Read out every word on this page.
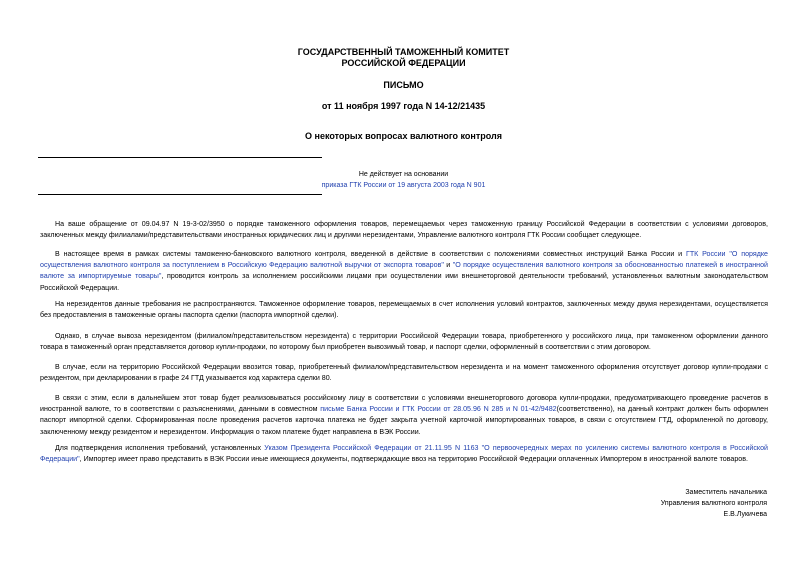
ГОСУДАРСТВЕННЫЙ ТАМОЖЕННЫЙ КОМИТЕТ
РОССИЙСКОЙ ФЕДЕРАЦИИ
ПИСЬМО
от 11 ноября 1997 года N 14-12/21435
О некоторых вопросах валютного контроля
Не действует на основании
приказа ГТК России от 19 августа 2003 года N 901
На ваше обращение от 09.04.97 N 19-3-02/3950 о порядке таможенного оформления товаров, перемещаемых через таможенную границу Российской Федерации в соответствии с условиями договоров, заключенных между филиалами/представительствами иностранных юридических лиц и другими нерезидентами, Управление валютного контроля ГТК России сообщает следующее.
В настоящее время в рамках системы таможенно-банковского валютного контроля, введенной в действие в соответствии с положениями совместных инструкций Банка России и ГТК России "О порядке осуществления валютного контроля за поступлением в Российскую Федерацию валютной выручки от экспорта товаров" и "О порядке осуществления валютного контроля за обоснованностью платежей в иностранной валюте за импортируемые товары", проводится контроль за исполнением российскими лицами при осуществлении ими внешнеторговой деятельности требований, установленных валютным законодательством Российской Федерации.
На нерезидентов данные требования не распространяются. Таможенное оформление товаров, перемещаемых в счет исполнения условий контрактов, заключенных между двумя нерезидентами, осуществляется без предоставления в таможенные органы паспорта сделки (паспорта импортной сделки).
Однако, в случае вывоза нерезидентом (филиалом/представительством нерезидента) с территории Российской Федерации товара, приобретенного у российского лица, при таможенном оформлении данного товара в таможенный орган представляется договор купли-продажи, по которому был приобретен вывозимый товар, и паспорт сделки, оформленный в соответствии с этим договором.
В случае, если на территорию Российской Федерации ввозится товар, приобретенный филиалом/представительством нерезидента и на момент таможенного оформления отсутствует договор купли-продажи с резидентом, при декларировании в графе 24 ГТД указывается код характера сделки 80.
В связи с этим, если в дальнейшем этот товар будет реализовываться российскому лицу в соответствии с условиями внешнеторгового договора купли-продажи, предусматривающего проведение расчетов в иностранной валюте, то в соответствии с разъяснениями, данными в совместном письме Банка России и ГТК России от 28.05.96 N 285 и N 01-42/9482(соответственно), на данный контракт должен быть оформлен паспорт импортной сделки. Сформированная после проведения расчетов карточка платежа не будет закрыта учетной карточкой импортированных товаров, в связи с отсутствием ГТД, оформленной по договору, заключенному между резидентом и нерезидентом. Информация о таком платеже будет направлена в ВЭК России.
Для подтверждения исполнения требований, установленных Указом Президента Российской Федерации от 21.11.95 N 1163 "О первоочередных мерах по усилению системы валютного контроля в Российской Федерации", Импортер имеет право представить в ВЭК России иные имеющиеся документы, подтверждающие ввоз на территорию Российской Федерации оплаченных Импортером в иностранной валюте товаров.
Заместитель начальника
Управления валютного контроля
Е.В.Лукичева
